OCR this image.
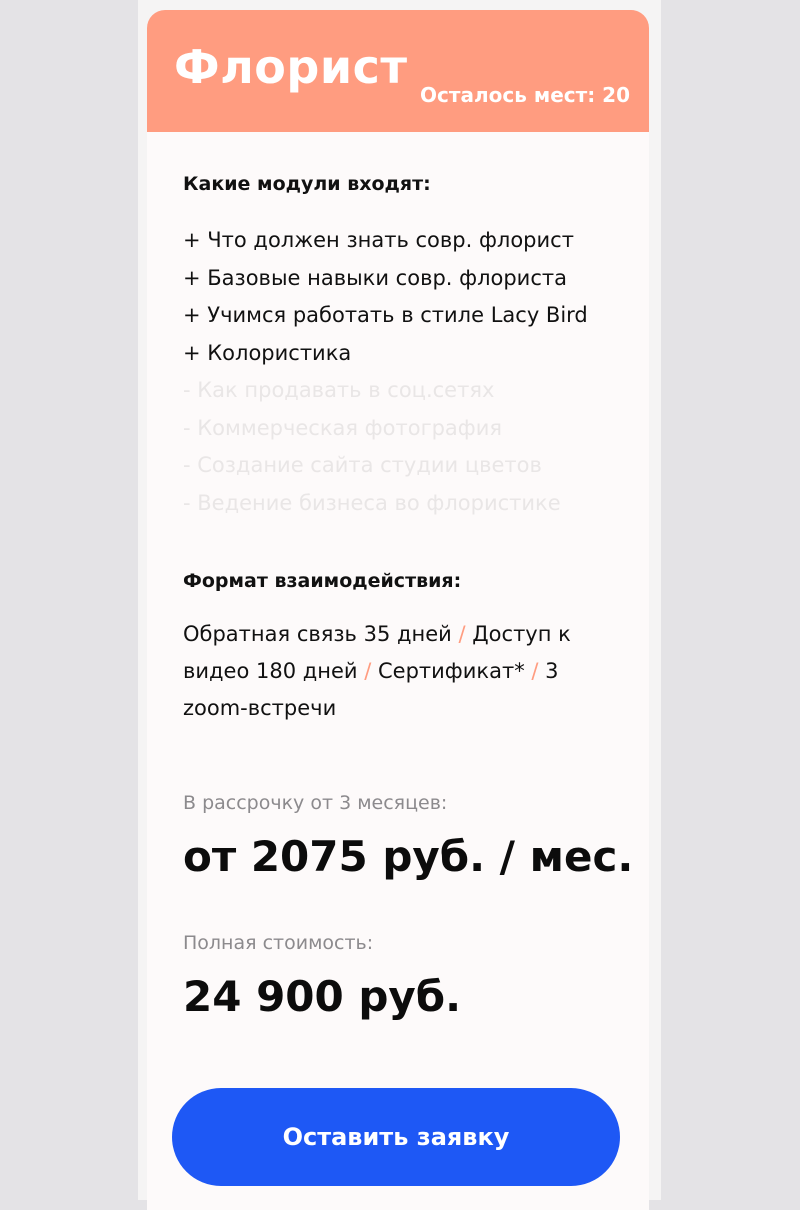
Флорист
Осталось мест: 20
Какие модули входят:
+ Что должен знать совр. флорист
+ Базовые навыки совр. флориста
+ Учимся работать в стиле Lacy Bird
+ Колористика
- Как продавать в соц.сетях
- Коммерческая фотография
- Создание сайта студии цветов
- Ведение бизнеса во флористике
Формат взаимодействия:
Обратная связь 35 дней / Доступ к видео 180 дней / Сертификат* / 3 zoom-встречи
В рассрочку от 3 месяцев:
от 2075 руб. / мес.
Полная стоимость:
24 900 руб.
Оставить заявку
